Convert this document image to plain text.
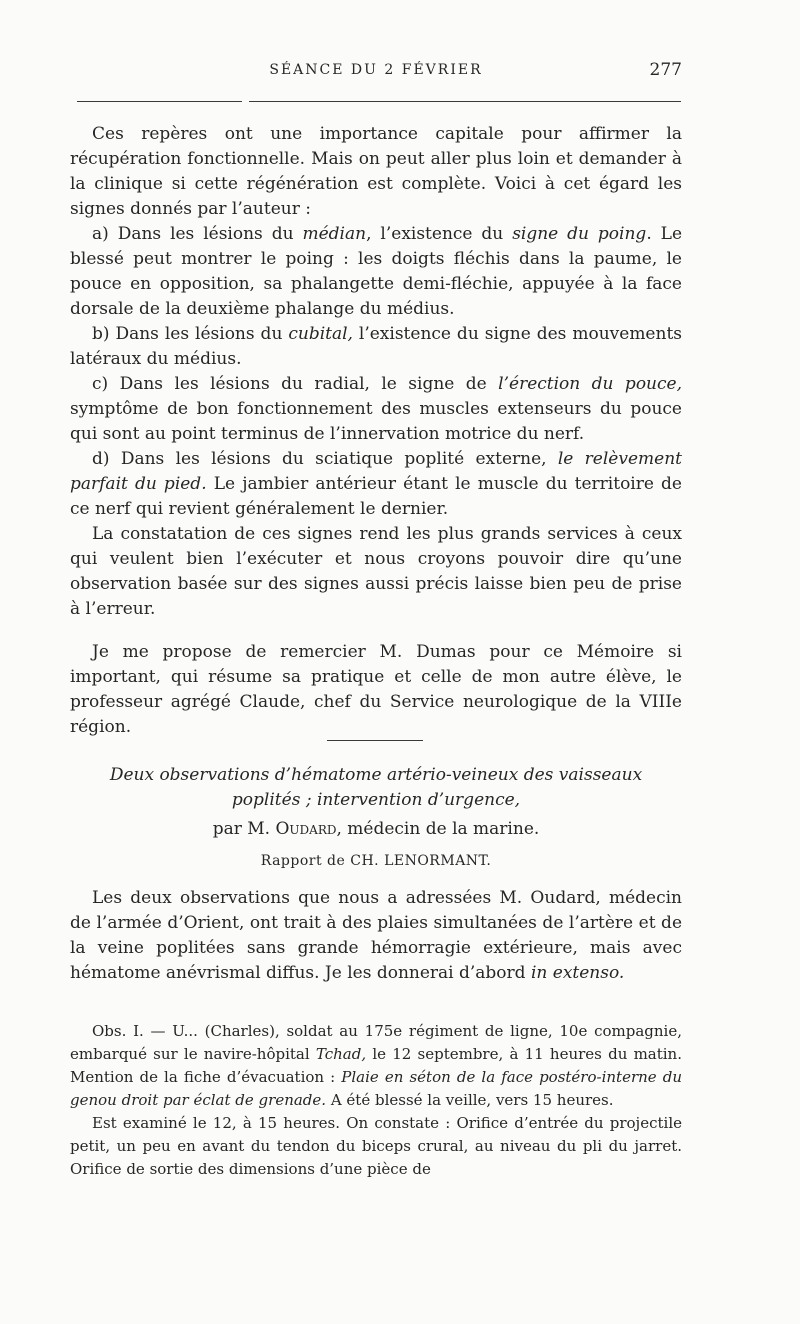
SÉANCE DU 2 FÉVRIER	277

Ces repères ont une importance capitale pour affirmer la récupération fonctionnelle. Mais on peut aller plus loin et demander à la clinique si cette régénération est complète. Voici à cet égard les signes donnés par l’auteur :

a) Dans les lésions du médian, l’existence du signe du poing. Le blessé peut montrer le poing : les doigts fléchis dans la paume, le pouce en opposition, sa phalangette demi-fléchie, appuyée à la face dorsale de la deuxième phalange du médius.

b) Dans les lésions du cubital, l’existence du signe des mouvements latéraux du médius.

c) Dans les lésions du radial, le signe de l’érection du pouce, symptôme de bon fonctionnement des muscles extenseurs du pouce qui sont au point terminus de l’innervation motrice du nerf.

d) Dans les lésions du sciatique poplité externe, le relèvement parfait du pied. Le jambier antérieur étant le muscle du territoire de ce nerf qui revient généralement le dernier.

La constatation de ces signes rend les plus grands services à ceux qui veulent bien l’exécuter et nous croyons pouvoir dire qu’une observation basée sur des signes aussi précis laisse bien peu de prise à l’erreur.

Je me propose de remercier M. Dumas pour ce Mémoire si important, qui résume sa pratique et celle de mon autre élève, le professeur agrégé Claude, chef du Service neurologique de la VIIIe région.

Deux observations d’hématome artério-veineux des vaisseaux
poplités ; intervention d’urgence,
par M. Oudard, médecin de la marine.
Rapport de CH. LENORMANT.

Les deux observations que nous a adressées M. Oudard, médecin de l’armée d’Orient, ont trait à des plaies simultanées de l’artère et de la veine poplitées sans grande hémorragie extérieure, mais avec hématome anévrismal diffus. Je les donnerai d’abord in extenso.

Obs. I. — U... (Charles), soldat au 175e régiment de ligne, 10e compagnie, embarqué sur le navire-hôpital Tchad, le 12 septembre, à 11 heures du matin. Mention de la fiche d’évacuation : Plaie en séton de la face postéro-interne du genou droit par éclat de grenade. A été blessé la veille, vers 15 heures.

Est examiné le 12, à 15 heures. On constate : Orifice d’entrée du projectile petit, un peu en avant du tendon du biceps crural, au niveau du pli du jarret. Orifice de sortie des dimensions d’une pièce de
